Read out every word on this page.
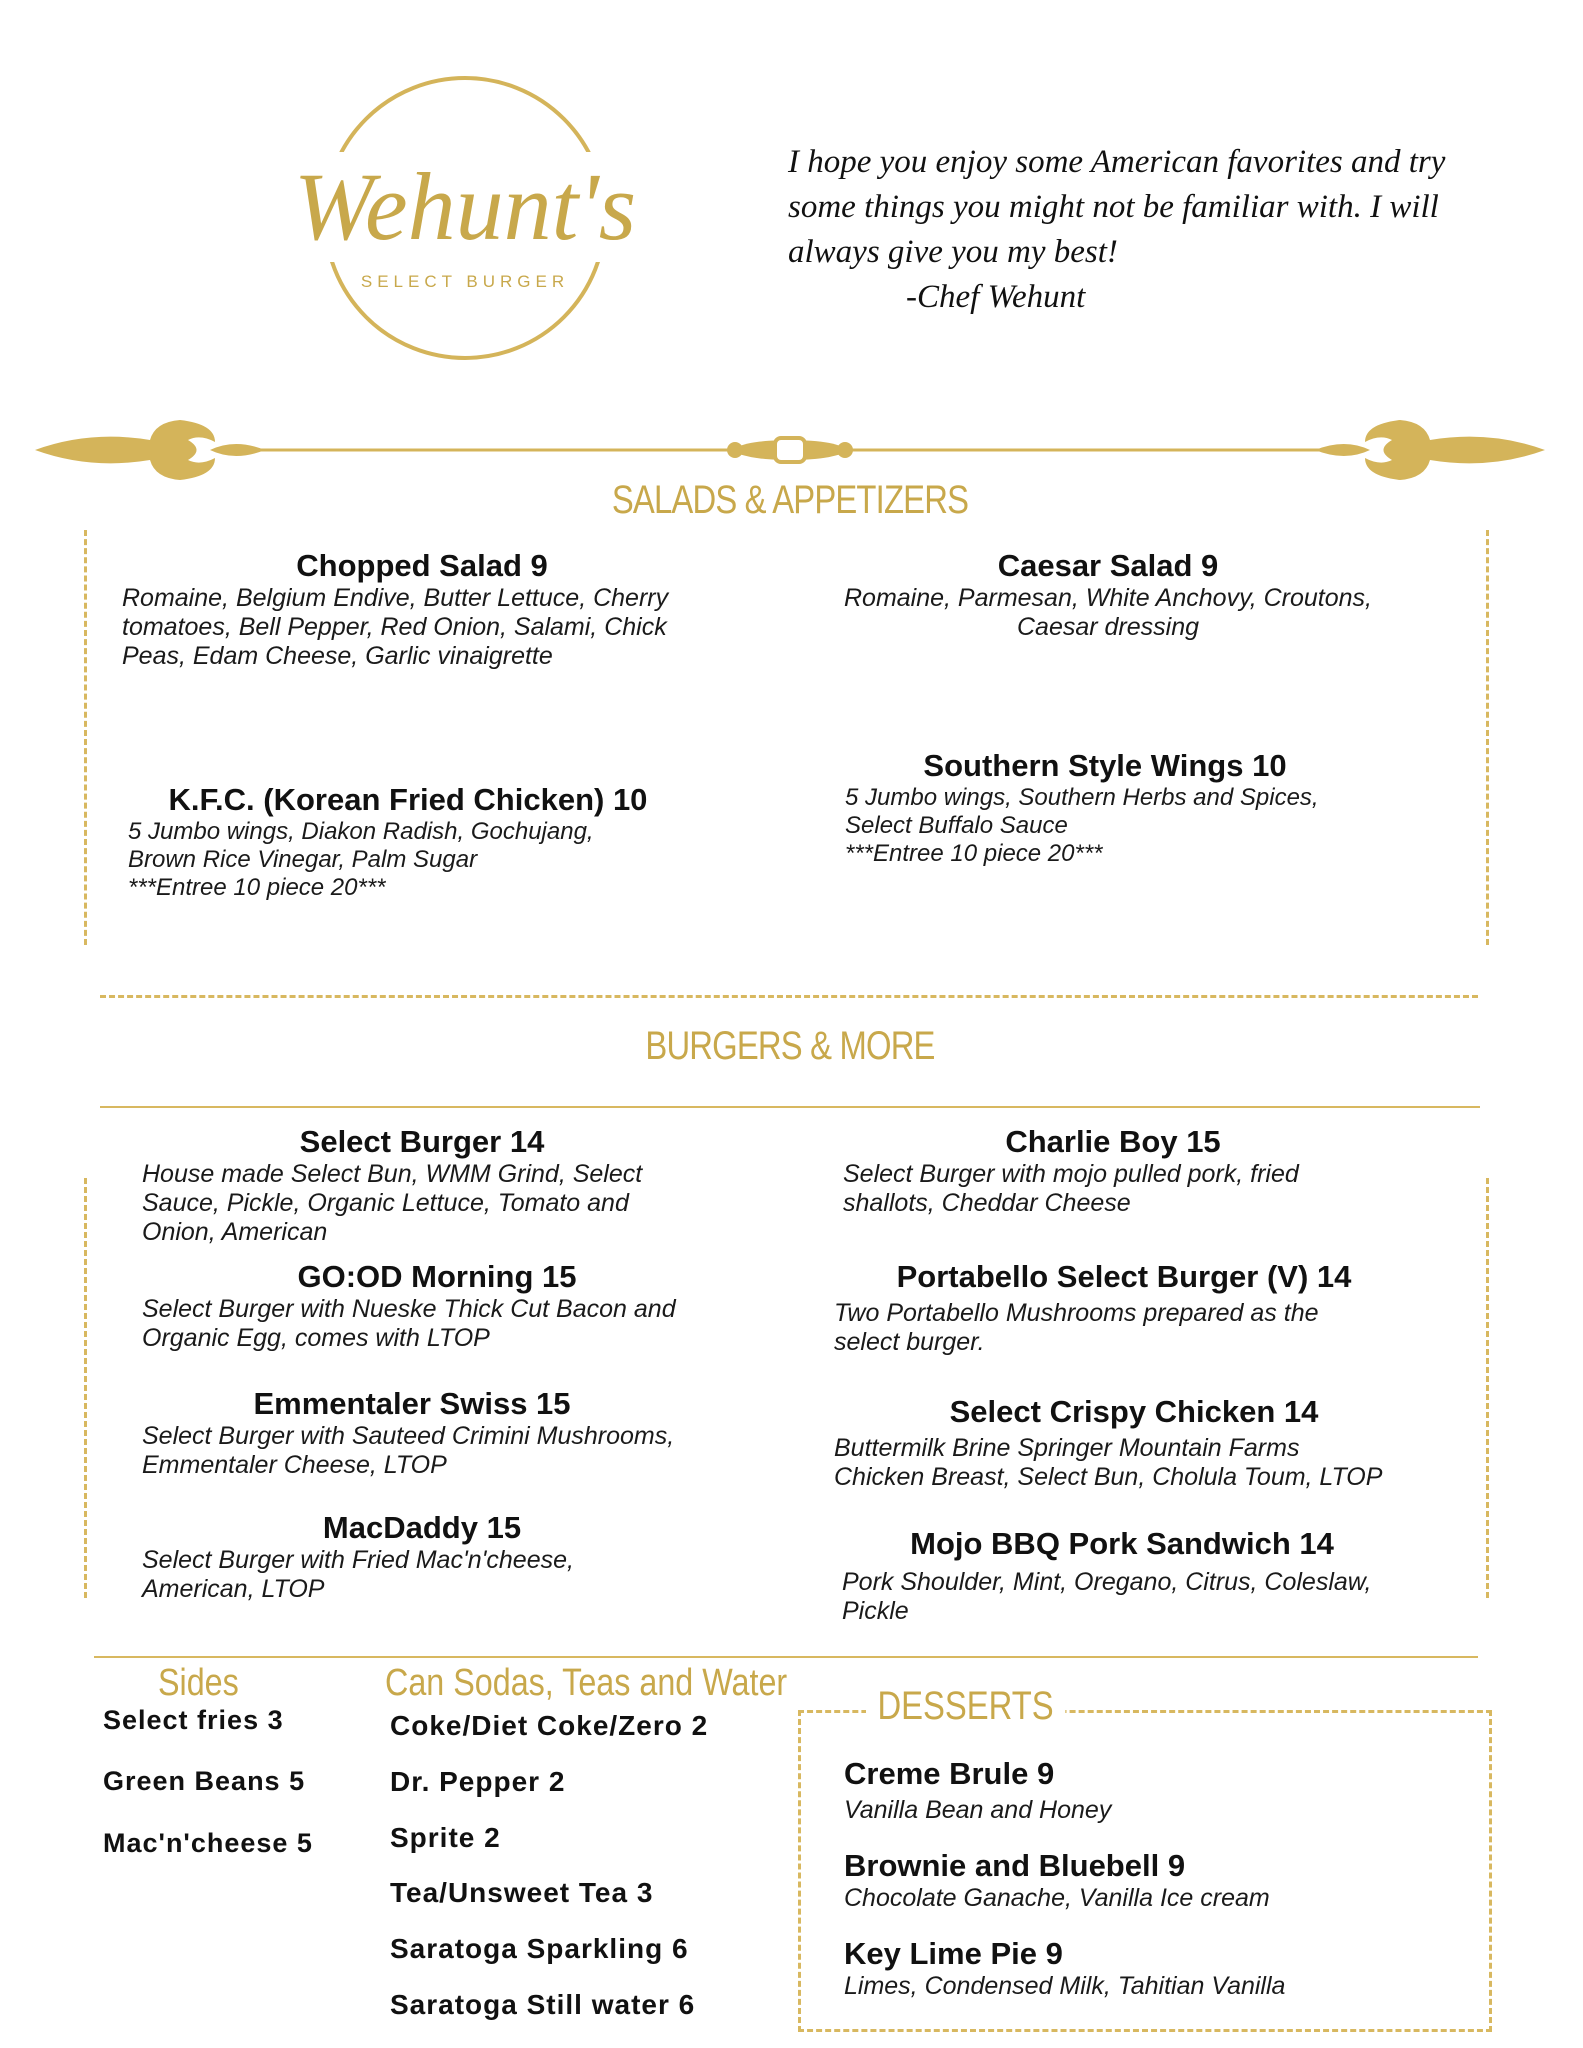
Wehunt's
SELECT BURGER
I hope you enjoy some American favorites and try
some things you might not be familiar with. I will
always give you my best!
-Chef Wehunt
SALADS & APPETIZERS
Chopped Salad 9
Romaine, Belgium Endive, Butter Lettuce, Cherry
tomatoes, Bell Pepper, Red Onion, Salami, Chick
Peas, Edam Cheese, Garlic vinaigrette
Caesar Salad 9
Romaine, Parmesan, White Anchovy, Croutons,
Caesar dressing
K.F.C. (Korean Fried Chicken) 10
5 Jumbo wings, Diakon Radish, Gochujang,
Brown Rice Vinegar, Palm Sugar
***Entree 10 piece 20***
Southern Style Wings 10
5 Jumbo wings, Southern Herbs and Spices,
Select Buffalo Sauce
***Entree 10 piece 20***
BURGERS & MORE
Select Burger 14
House made Select Bun, WMM Grind, Select
Sauce, Pickle, Organic Lettuce, Tomato and
Onion, American
Charlie Boy 15
Select Burger with mojo pulled pork, fried
shallots, Cheddar Cheese
GO:OD Morning 15
Select Burger with Nueske Thick Cut Bacon and
Organic Egg, comes with LTOP
Portabello Select Burger (V) 14
Two Portabello Mushrooms prepared as the
select burger.
Emmentaler Swiss 15
Select Burger with Sauteed Crimini Mushrooms,
Emmentaler Cheese, LTOP
Select Crispy Chicken 14
Buttermilk Brine Springer Mountain Farms
Chicken Breast, Select Bun, Cholula Toum, LTOP
MacDaddy 15
Select Burger with Fried Mac'n'cheese,
American, LTOP
Mojo BBQ Pork Sandwich 14
Pork Shoulder, Mint, Oregano, Citrus, Coleslaw,
Pickle
Sides
Select fries 3
Green Beans 5
Mac'n'cheese 5
Can Sodas, Teas and Water
Coke/Diet Coke/Zero 2
Dr. Pepper 2
Sprite 2
Tea/Unsweet Tea 3
Saratoga Sparkling 6
Saratoga Still water 6
DESSERTS
Creme Brule 9
Vanilla Bean and Honey
Brownie and Bluebell 9
Chocolate Ganache, Vanilla Ice cream
Key Lime Pie 9
Limes, Condensed Milk, Tahitian Vanilla
